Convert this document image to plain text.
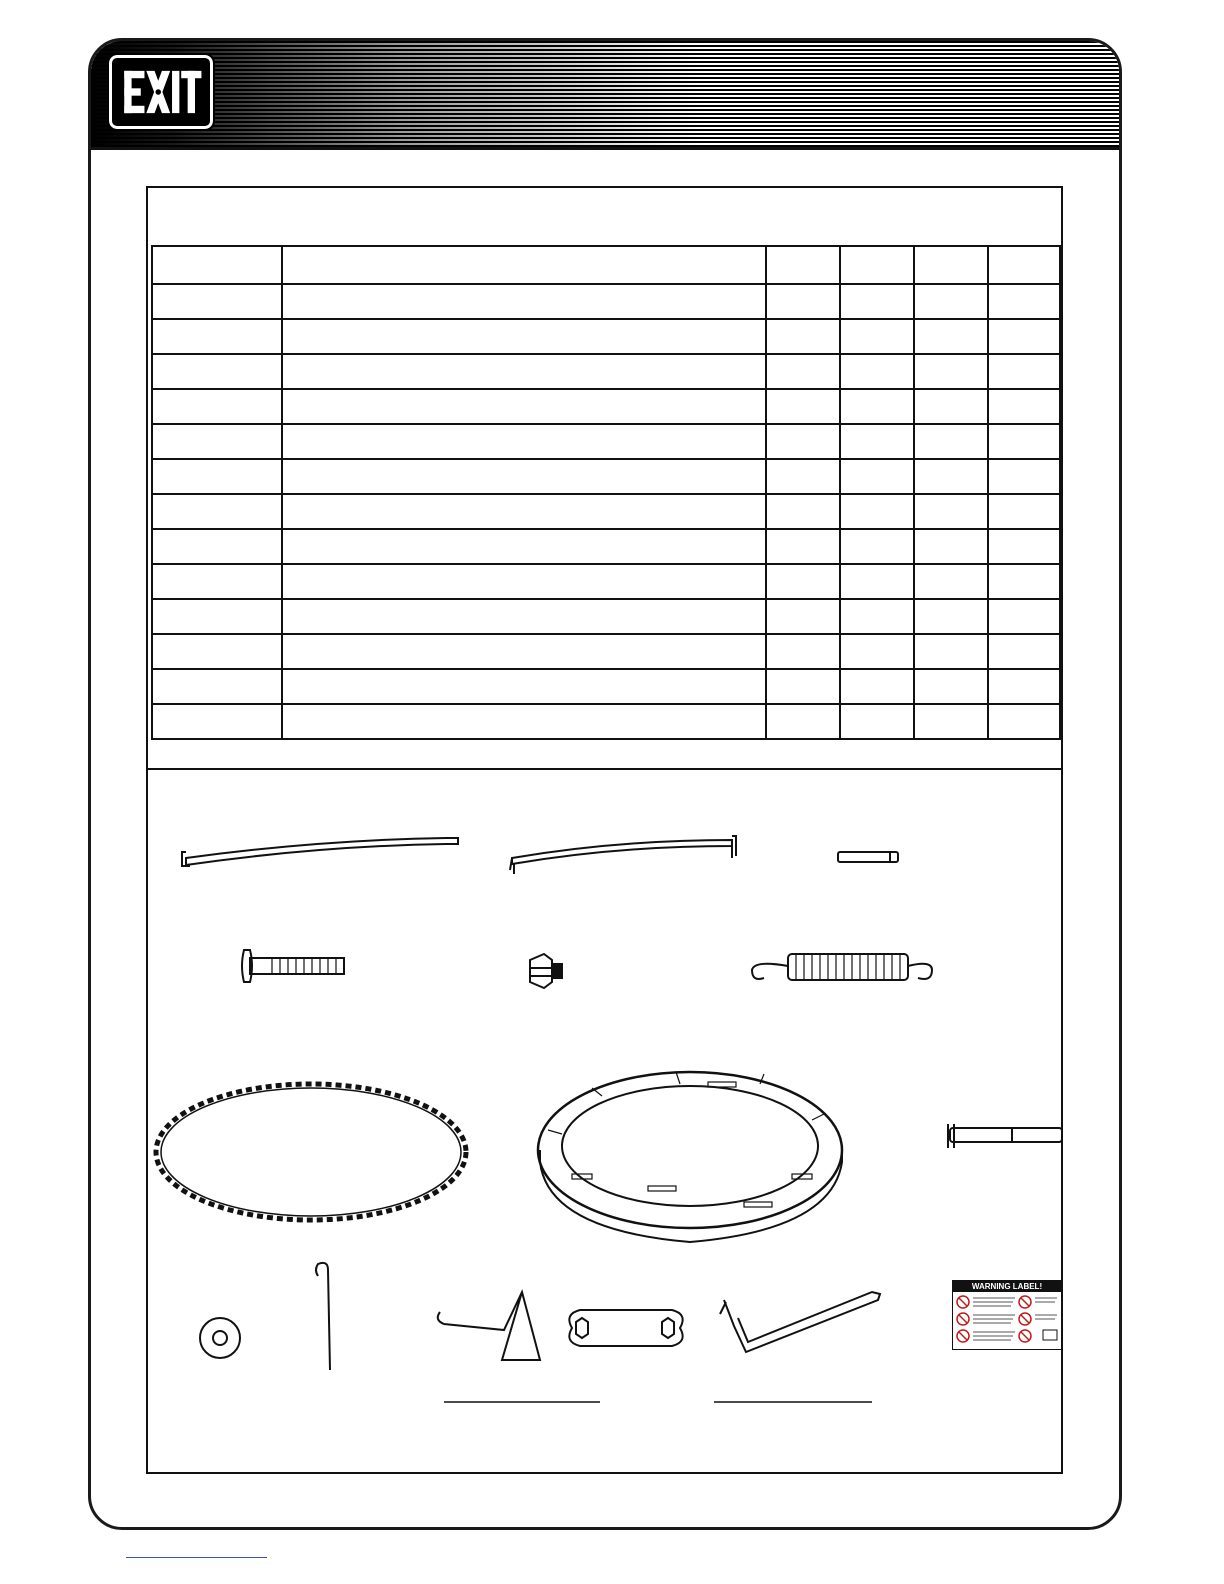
WARNING LABEL!
